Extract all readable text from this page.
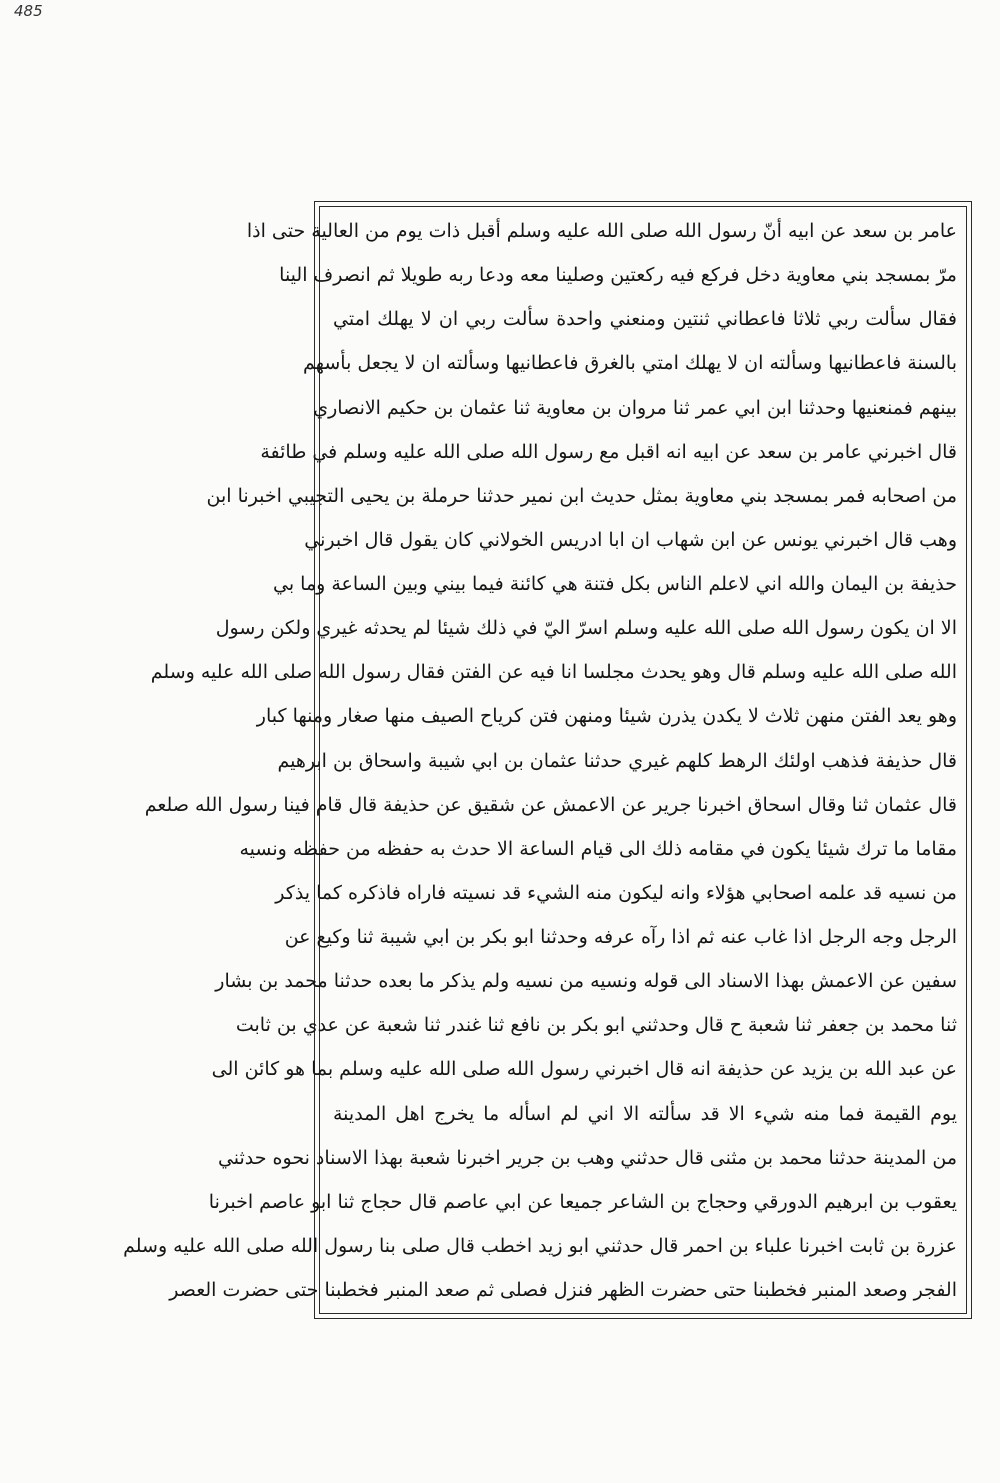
485
عامر بن سعد عن ابيه أنّ رسول الله صلى الله عليه وسلم أقبل ذات يوم من العالية حتى اذا
مرّ بمسجد بني معاوية دخل فركع فيه ركعتين وصلينا معه ودعا ربه طويلا ثم انصرف الينا
فقال سألت ربي ثلاثا فاعطاني ثنتين ومنعني واحدة سألت ربي ان لا يهلك امتي
بالسنة فاعطانيها وسألته ان لا يهلك امتي بالغرق فاعطانيها وسألته ان لا يجعل بأسهم
بينهم فمنعنيها وحدثنا ابن ابي عمر ثنا مروان بن معاوية ثنا عثمان بن حكيم الانصاري
قال اخبرني عامر بن سعد عن ابيه انه اقبل مع رسول الله صلى الله عليه وسلم في طائفة
من اصحابه فمر بمسجد بني معاوية بمثل حديث ابن نمير حدثنا حرملة بن يحيى التجيبي اخبرنا ابن
وهب قال اخبرني يونس عن ابن شهاب ان ابا ادريس الخولاني كان يقول قال اخبرني
حذيفة بن اليمان والله اني لاعلم الناس بكل فتنة هي كائنة فيما بيني وبين الساعة وما بي
الا ان يكون رسول الله صلى الله عليه وسلم اسرّ اليّ في ذلك شيئا لم يحدثه غيري ولكن رسول
الله صلى الله عليه وسلم قال وهو يحدث مجلسا انا فيه عن الفتن فقال رسول الله صلى الله عليه وسلم
وهو يعد الفتن منهن ثلاث لا يكدن يذرن شيئا ومنهن فتن كرياح الصيف منها صغار ومنها كبار
قال حذيفة فذهب اولئك الرهط كلهم غيري حدثنا عثمان بن ابي شيبة واسحاق بن ابرهيم
قال عثمان ثنا وقال اسحاق اخبرنا جرير عن الاعمش عن شقيق عن حذيفة قال قام فينا رسول الله صلعم
مقاما ما ترك شيئا يكون في مقامه ذلك الى قيام الساعة الا حدث به حفظه من حفظه ونسيه
من نسيه قد علمه اصحابي هؤلاء وانه ليكون منه الشيء قد نسيته فاراه فاذكره كما يذكر
الرجل وجه الرجل اذا غاب عنه ثم اذا رآه عرفه وحدثنا ابو بكر بن ابي شيبة ثنا وكيع عن
سفين عن الاعمش بهذا الاسناد الى قوله ونسيه من نسيه ولم يذكر ما بعده حدثنا محمد بن بشار
ثنا محمد بن جعفر ثنا شعبة ح قال وحدثني ابو بكر بن نافع ثنا غندر ثنا شعبة عن عدي بن ثابت
عن عبد الله بن يزيد عن حذيفة انه قال اخبرني رسول الله صلى الله عليه وسلم بما هو كائن الى
يوم القيمة فما منه شيء الا قد سألته الا اني لم اسأله ما يخرج اهل المدينة
من المدينة حدثنا محمد بن مثنى قال حدثني وهب بن جرير اخبرنا شعبة بهذا الاسناد نحوه حدثني
يعقوب بن ابرهيم الدورقي وحجاج بن الشاعر جميعا عن ابي عاصم قال حجاج ثنا ابو عاصم اخبرنا
عزرة بن ثابت اخبرنا علباء بن احمر قال حدثني ابو زيد اخطب قال صلى بنا رسول الله صلى الله عليه وسلم
الفجر وصعد المنبر فخطبنا حتى حضرت الظهر فنزل فصلى ثم صعد المنبر فخطبنا حتى حضرت العصر
